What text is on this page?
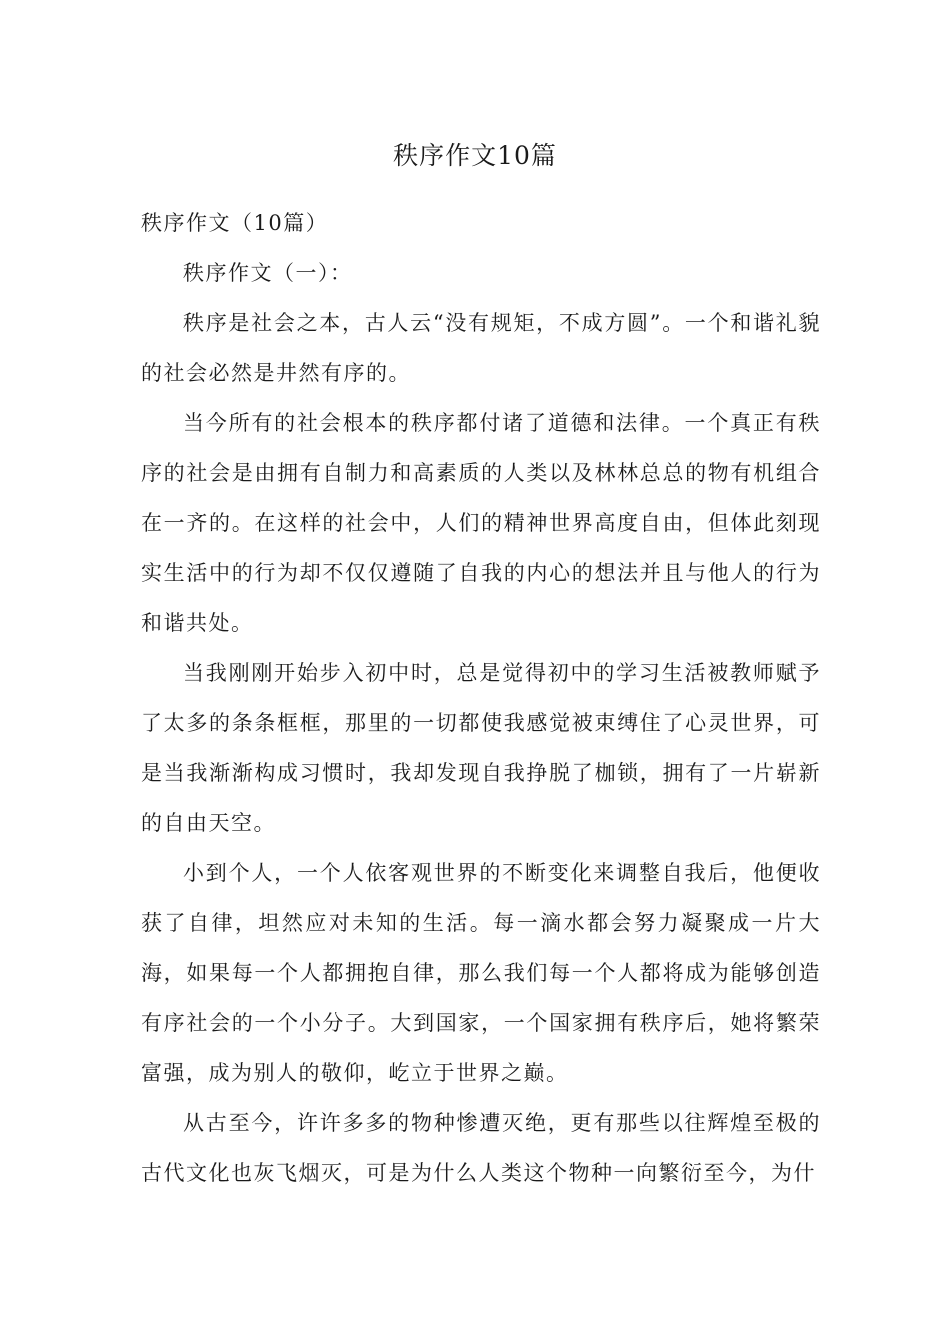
秩序作文10篇

秩序作文（10篇）

秩序作文（一）：

秩序是社会之本，古人云“没有规矩，不成方圆”。一个和谐礼貌的社会必然是井然有序的。

当今所有的社会根本的秩序都付诸了道德和法律。一个真正有秩序的社会是由拥有自制力和高素质的人类以及林林总总的物有机组合在一齐的。在这样的社会中，人们的精神世界高度自由，但体此刻现实生活中的行为却不仅仅遵随了自我的内心的想法并且与他人的行为和谐共处。

当我刚刚开始步入初中时，总是觉得初中的学习生活被教师赋予了太多的条条框框，那里的一切都使我感觉被束缚住了心灵世界，可是当我渐渐构成习惯时，我却发现自我挣脱了枷锁，拥有了一片崭新的自由天空。

小到个人，一个人依客观世界的不断变化来调整自我后，他便收获了自律，坦然应对未知的生活。每一滴水都会努力凝聚成一片大海，如果每一个人都拥抱自律，那么我们每一个人都将成为能够创造有序社会的一个小分子。大到国家，一个国家拥有秩序后，她将繁荣富强，成为别人的敬仰，屹立于世界之巅。

从古至今，许许多多的物种惨遭灭绝，更有那些以往辉煌至极的古代文化也灰飞烟灭，可是为什么人类这个物种一向繁衍至今，为什
